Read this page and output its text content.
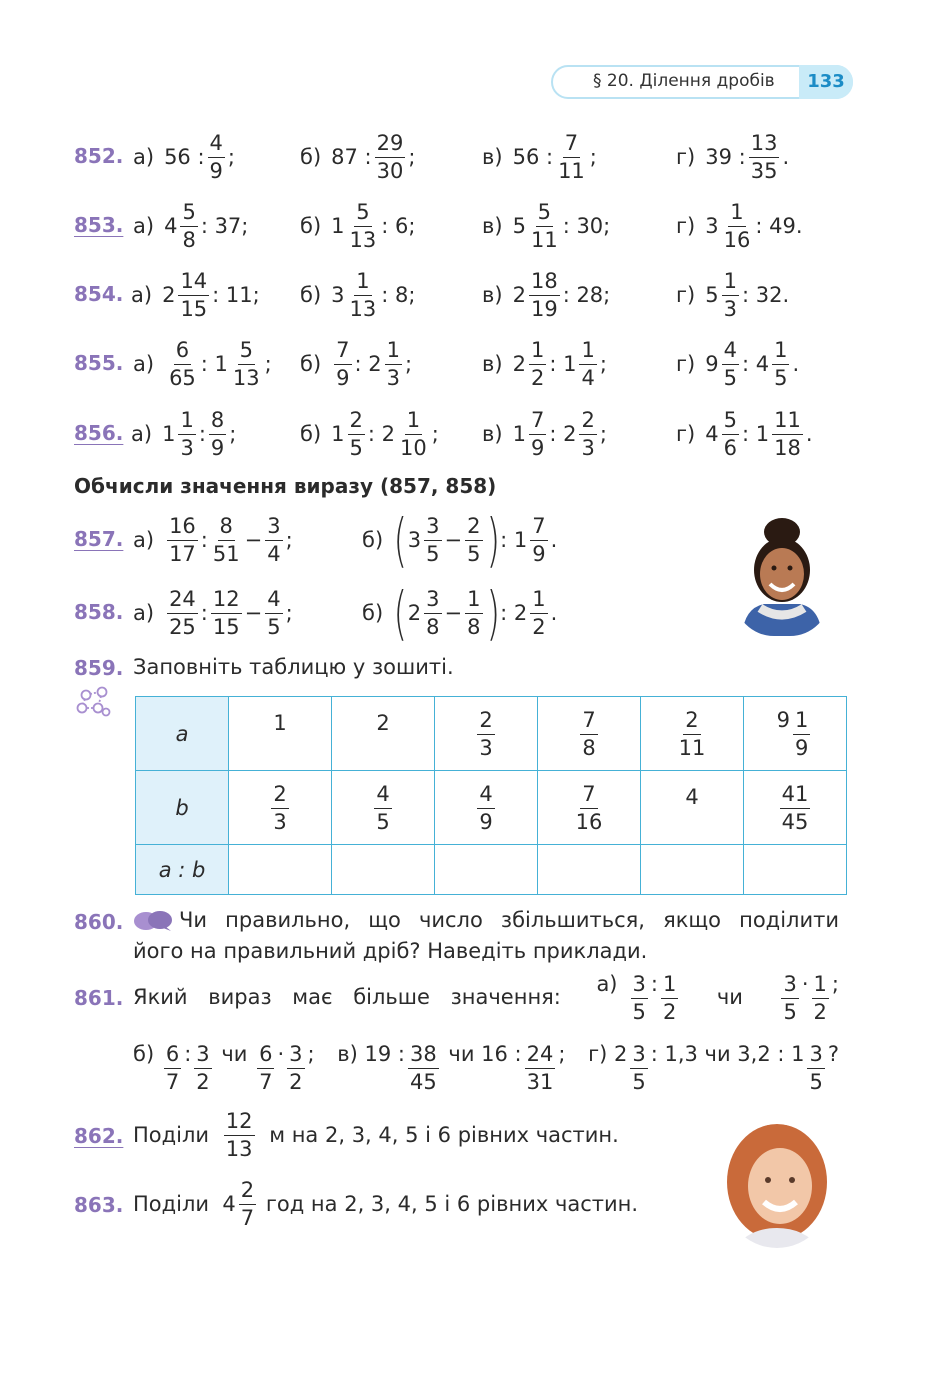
§ 20. Ділення дробів	133
852. а) 56 :
4
9
;	б) 87 :
29
30
;	в) 56 :
7
11
;	г) 39 :
13
35
.
853. а) 4
5
8
: 37; б) 1
5
13
: 6;	в) 5
5
11
: 30;	г) 3
1
16
: 49.
854. а) 2
14
15
: 11; б) 3
1
13
: 8;	в) 2
18
19
: 28;	г) 5
1
3
: 32.
855. а)
6
65
: 1
5
13
; б)
7
9
: 2
1
3
;	в) 2
1
2
: 1
1
4
;	г) 9
4
5
: 4
1
5
.
856. а) 1
1
3
:
8
9
;	б) 1
2
5
: 2
1
10
; в) 1
7
9
: 2
2
3
;	г) 4
5
6
: 1
11
18
.
Обчисли значення виразу (857, 858)
857. а)
16
17
:
8
51
−
3
4
;	б) ( 3
3
5
−
2
5 ) : 1
7
9
.
858. а)
24
25
:
12
15
−
4
5
;	б) ( 2
3
8
−
1
8 ) : 2
1
2
.
859. Заповніть таблицю у зошиті.
a	1	2	$\frac{2}{3}$	$\frac{7}{8}$	$\frac{2}{11}$	$9 \frac{1}{9}$

b	$\frac{2}{3}$	$\frac{4}{5}$	$\frac{4}{9}$	$\frac{7}{16}$	4	$\frac{41}{45}$

a : b						
860.	Чи правильно, що число збільшиться, якщо поділити
його на правильний дріб? Наведіть приклади.
861. Який вираз має більше значення:
$а) \frac{3}{5}$ : $\frac{1}{2}$ чи $\frac{3}{5} \cdot \frac{1}{2}$ ;
$б) \frac{6}{7}$ : $\frac{3}{2}$ чи $\frac{6}{7} \cdot \frac{3}{2}$ ; в) 19 : $\frac{38}{45}$ чи 16 : $\frac{24}{31}$ ; г) $2 \frac{3}{5}$ : 1,3 чи 3,2 : $1 \frac{3}{5}$ ?
862. Поділи

12
13

м на 2, 3, 4, 5 і 6 рівних частин.
863. Поділи 4
2
7

год на 2, 3, 4, 5 і 6 рівних частин.
